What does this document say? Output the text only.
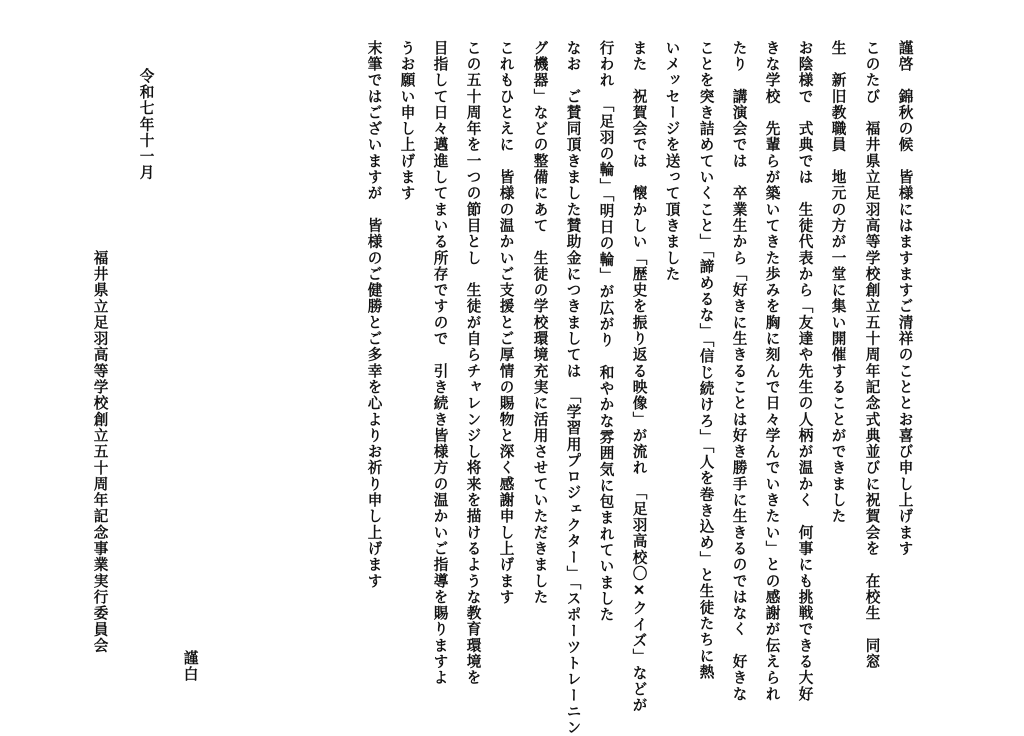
謹啓　錦秋の候　皆様にはますますご清祥のこととお喜び申し上げます
このたび　福井県立足羽高等学校創立五十周年記念式典並びに祝賀会を　在校生　同窓
生　新旧教職員　地元の方が一堂に集い開催することができました
お陰様で　式典では　生徒代表から「友達や先生の人柄が温かく　何事にも挑戦できる大好
きな学校　先輩らが築いてきた歩みを胸に刻んで日々学んでいきたい」との感謝が伝えられ
たり　講演会では　卒業生から「好きに生きることは好き勝手に生きるのではなく　好きな
ことを突き詰めていくこと」「諦めるな」「信じ続けろ」「人を巻き込め」と生徒たちに熱
いメッセージを送って頂きました
また　祝賀会では　懐かしい「歴史を振り返る映像」が流れ　「足羽高校〇✕クイズ」などが
行われ　「足羽の輪」「明日の輪」が広がり　和やかな雰囲気に包まれていました
なお　ご賛同頂きました賛助金につきましては　「学習用プロジェクター」「スポーツトレーニン
グ機器」などの整備にあて　生徒の学校環境充実に活用させていただきました
これもひとえに　皆様の温かいご支援とご厚情の賜物と深く感謝申し上げます
この五十周年を一つの節目とし　生徒が自らチャレンジし将来を描けるような教育環境を
目指して日々邁進してまいる所存ですので　引き続き皆様方の温かいご指導を賜りますよ
うお願い申し上げます
末筆ではございますが　皆様のご健勝とご多幸を心よりお祈り申し上げます
謹白
令和七年十一月
福井県立足羽高等学校創立五十周年記念事業実行委員会
